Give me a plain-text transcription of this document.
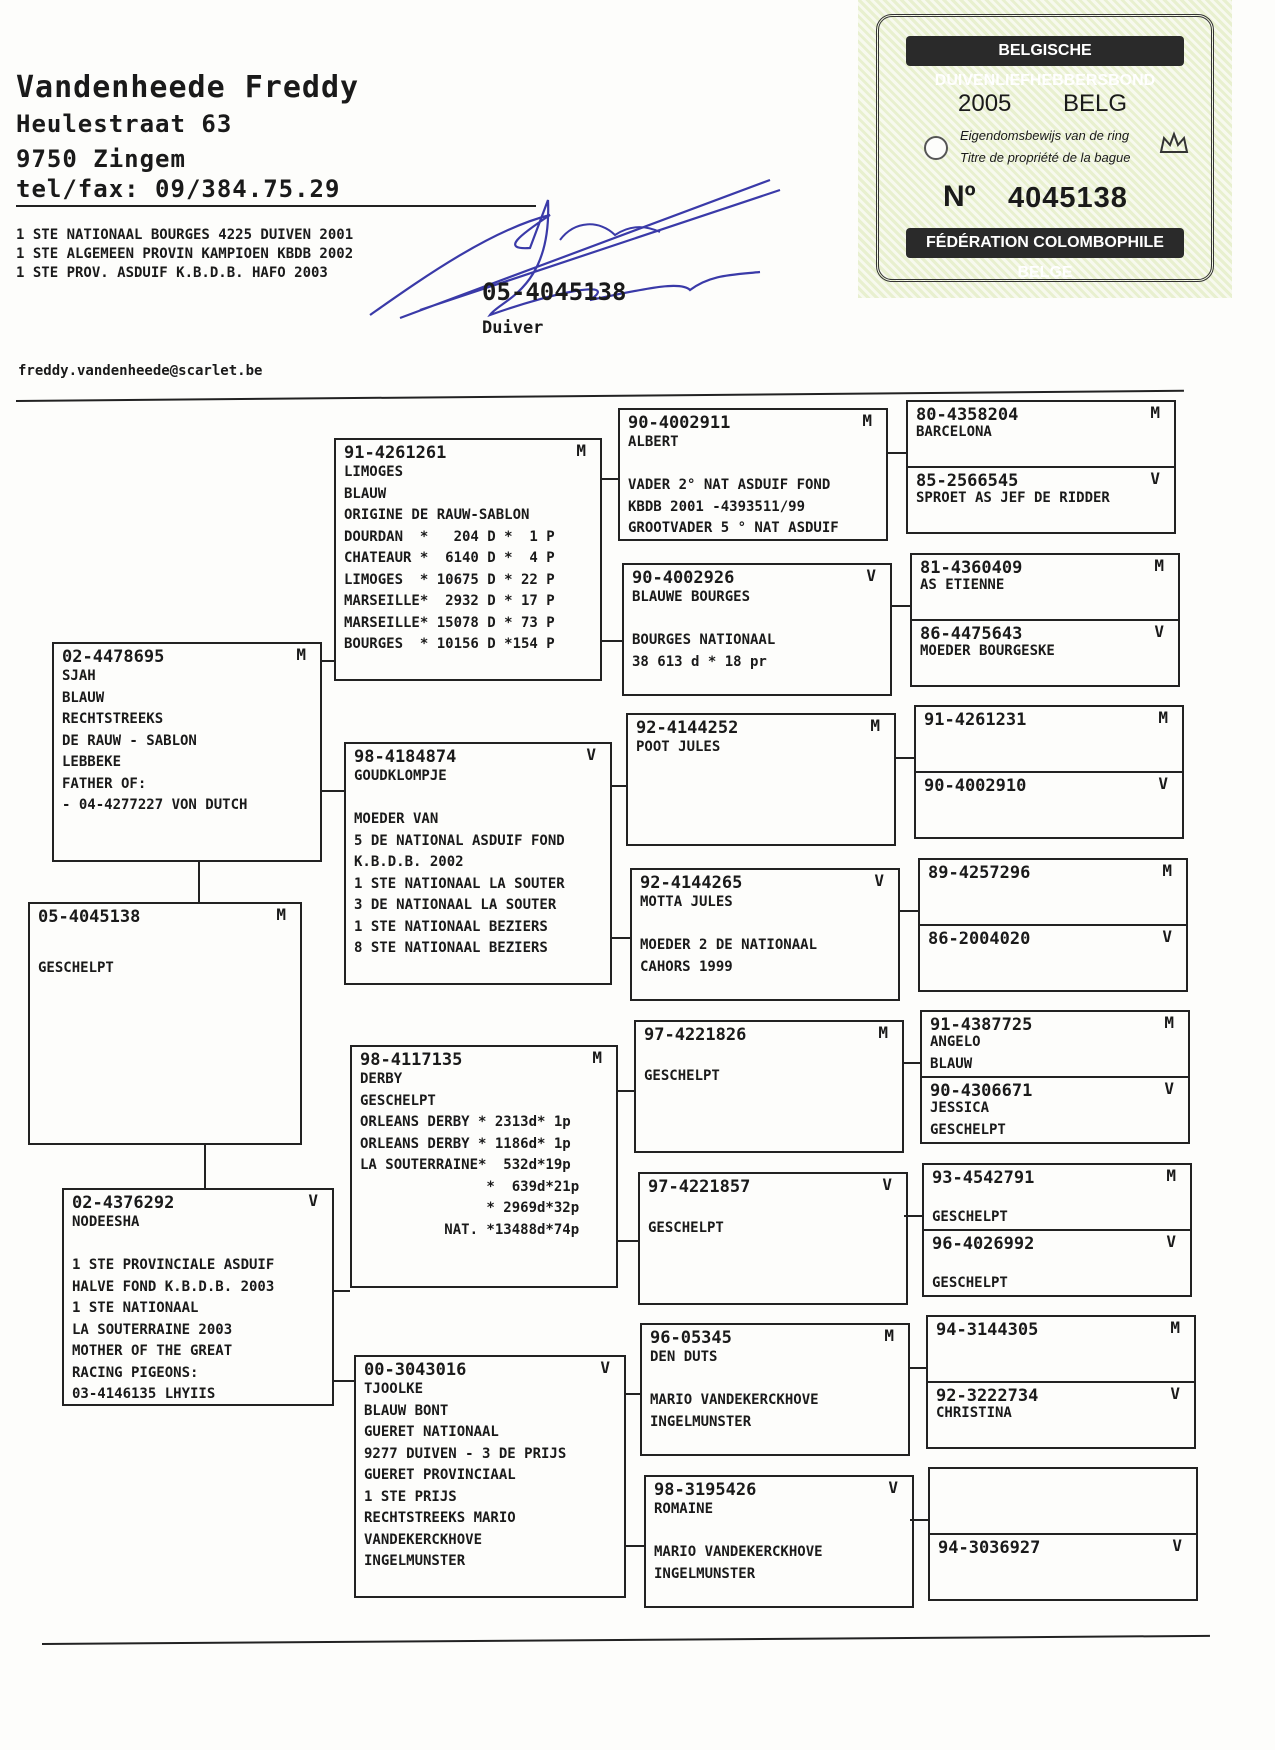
Vandenheede Freddy
Heulestraat 63
9750 Zingem
tel/fax: 09/384.75.29
1 STE NATIONAAL BOURGES 4225 DUIVEN 2001
1 STE ALGEMEEN PROVIN KAMPIOEN KBDB 2002
1 STE PROV. ASDUIF K.B.D.B. HAFO 2003
freddy.vandenheede@scarlet.be
05-4045138
Duiver
BELGISCHE DUIVENLIEFHEBBERSBOND
2005 BELG
Eigendomsbewijs van de ring
Titre de propriété de la bague
Nº 4045138
FÉDÉRATION COLOMBOPHILE BELGE
05-4045138	M

GESCHELPT
02-4478695	M
SJAH
BLAUW
RECHTSTREEKS
DE RAUW - SABLON
LEBBEKE
FATHER OF:
- 04-4277227 VON DUTCH
02-4376292	V
NODEESHA

1 STE PROVINCIALE ASDUIF
HALVE FOND K.B.D.B. 2003
1 STE NATIONAAL
LA SOUTERRAINE 2003
MOTHER OF THE GREAT
RACING PIGEONS:
03-4146135 LHYIIS
91-4261261	M
LIMOGES
BLAUW
ORIGINE DE RAUW-SABLON
DOURDAN  *   204 D *  1 P
CHATEAUR *  6140 D *  4 P
LIMOGES  * 10675 D * 22 P
MARSEILLE*  2932 D * 17 P
MARSEILLE* 15078 D * 73 P
BOURGES  * 10156 D *154 P
98-4184874	V
GOUDKLOMPJE

MOEDER VAN
5 DE NATIONAL ASDUIF FOND
K.B.D.B. 2002
1 STE NATIONAAL LA SOUTER
3 DE NATIONAAL LA SOUTER
1 STE NATIONAAL BEZIERS
8 STE NATIONAAL BEZIERS
98-4117135	M
DERBY
GESCHELPT
ORLEANS DERBY * 2313d* 1p
ORLEANS DERBY * 1186d* 1p
LA SOUTERRAINE*  532d*19p
*  639d*21p
* 2969d*32p
NAT. *13488d*74p
00-3043016	V
TJOOLKE
BLAUW BONT
GUERET NATIONAAL
9277 DUIVEN - 3 DE PRIJS
GUERET PROVINCIAAL
1 STE PRIJS
RECHTSTREEKS MARIO
VANDEKERCKHOVE
INGELMUNSTER
90-4002911	M
ALBERT

VADER 2° NAT ASDUIF FOND
KBDB 2001 -4393511/99
GROOTVADER 5 ° NAT ASDUIF
90-4002926	V
BLAUWE BOURGES

BOURGES NATIONAAL
38 613 d * 18 pr
92-4144252	M
POOT JULES
92-4144265	V
MOTTA JULES

MOEDER 2 DE NATIONAAL
CAHORS 1999
97-4221826	M

GESCHELPT
97-4221857	V

GESCHELPT
96-05345	M
DEN DUTS

MARIO VANDEKERCKHOVE
INGELMUNSTER
98-3195426	V
ROMAINE

MARIO VANDEKERCKHOVE
INGELMUNSTER
80-4358204	M
BARCELONA
85-2566545	V
SPROET AS JEF DE RIDDER
81-4360409	M
AS ETIENNE
86-4475643	V
MOEDER BOURGESKE
91-4261231	M
90-4002910	V
89-4257296	M
86-2004020	V
91-4387725	M
ANGELO
BLAUW
90-4306671	V
JESSICA
GESCHELPT
93-4542791	M

GESCHELPT
96-4026992	V

GESCHELPT
94-3144305	M
92-3222734	V
CHRISTINA
94-3036927	V
